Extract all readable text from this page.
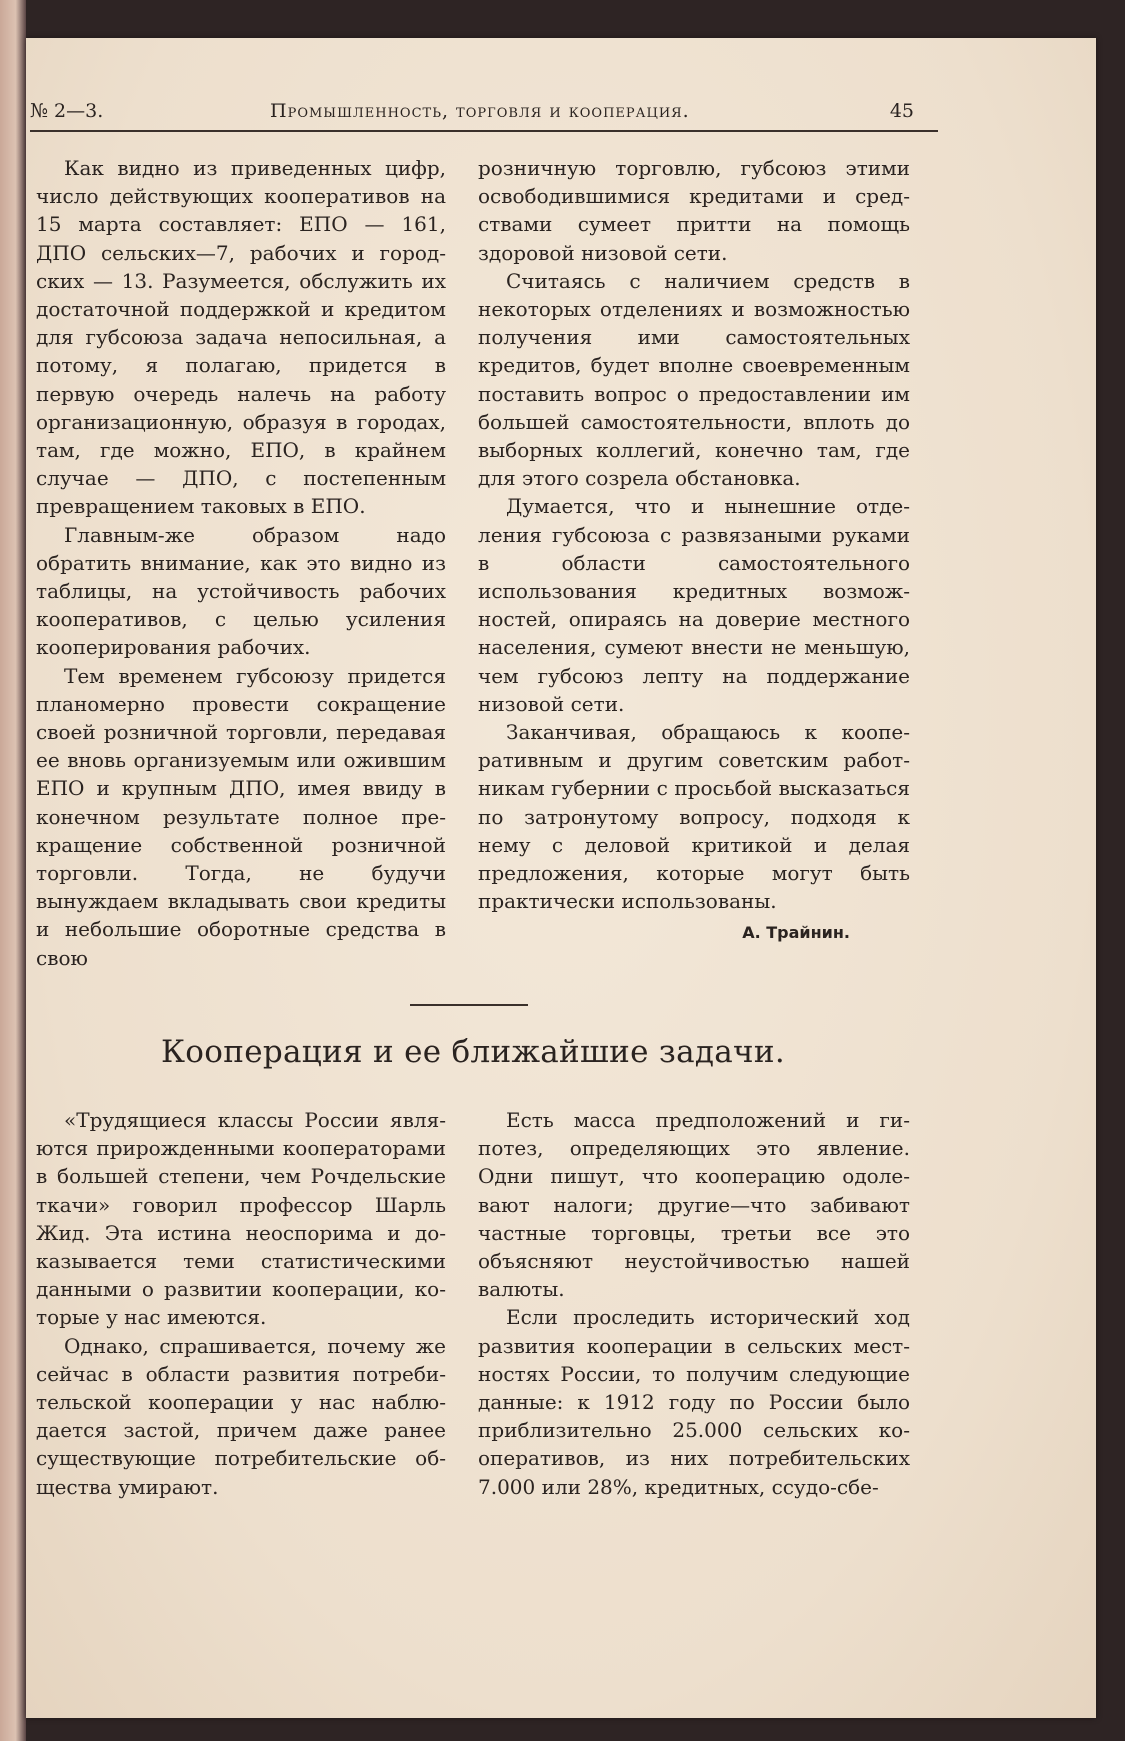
№ 2—3.	Промышленность, торговля и кооперация.	45

Как видно из приведенных цифр, число действующих кооперативов на 15 марта составляет: ЕПО — 161, ДПО сельских—7, рабочих и городских — 13. Разумеется, обслужить их достаточной поддержкой и кредитом для губсоюза задача непосильная, а потому, я полагаю, придется в первую очередь налечь на работу организационную, образуя в городах, там, где можно, ЕПО, в крайнем случае — ДПО, с постепенным превращением таковых в ЕПО.

Главным-же образом надо обратить внимание, как это видно из таблицы, на устойчивость рабочих кооперативов, с целью усиления кооперирования рабочих.

Тем временем губсоюзу придется планомерно провести сокращение своей розничной торговли, передавая ее вновь организуемым или ожившим ЕПО и крупным ДПО, имея ввиду в конечном результате полное прекращение собственной розничной торговли. Тогда, не будучи вынуждаем вкладывать свои кредиты и небольшие оборотные средства в свою

розничную торговлю, губсоюз этими освободившимися кредитами и средствами сумеет притти на помощь здоровой низовой сети.

Считаясь с наличием средств в некоторых отделениях и возможностью получения ими самостоятельных кредитов, будет вполне своевременным поставить вопрос о предоставлении им большей самостоятельности, вплоть до выборных коллегий, конечно там, где для этого созрела обстановка.

Думается, что и нынешние отделения губсоюза с развязаными руками в области самостоятельного использования кредитных возможностей, опираясь на доверие местного населения, сумеют внести не меньшую, чем губсоюз лепту на поддержание низовой сети.

Заканчивая, обращаюсь к кооперативным и другим советским работникам губернии с просьбой высказаться по затронутому вопросу, подходя к нему с деловой критикой и делая предложения, которые могут быть практически использованы.

А. Трайнин.
Кооперация и ее ближайшие задачи.

«Трудящиеся классы России являются прирожденными кооператорами в большей степени, чем Рочдельские ткачи» говорил профессор Шарль Жид. Эта истина неоспорима и доказывается теми статистическими данными о развитии кооперации, которые у нас имеются.

Однако, спрашивается, почему же сейчас в области развития потребительской кооперации у нас наблюдается застой, причем даже ранее существующие потребительские общества умирают.

Есть масса предположений и гипотез, определяющих это явление. Одни пишут, что кооперацию одолевают налоги; другие—что забивают частные торговцы, третьи все это объясняют неустойчивостью нашей валюты.

Если проследить исторический ход развития кооперации в сельских местностях России, то получим следующие данные: к 1912 году по России было приблизительно 25.000 сельских кооперативов, из них потребительских 7.000 или 28%, кредитных, ссудо-сбе-
